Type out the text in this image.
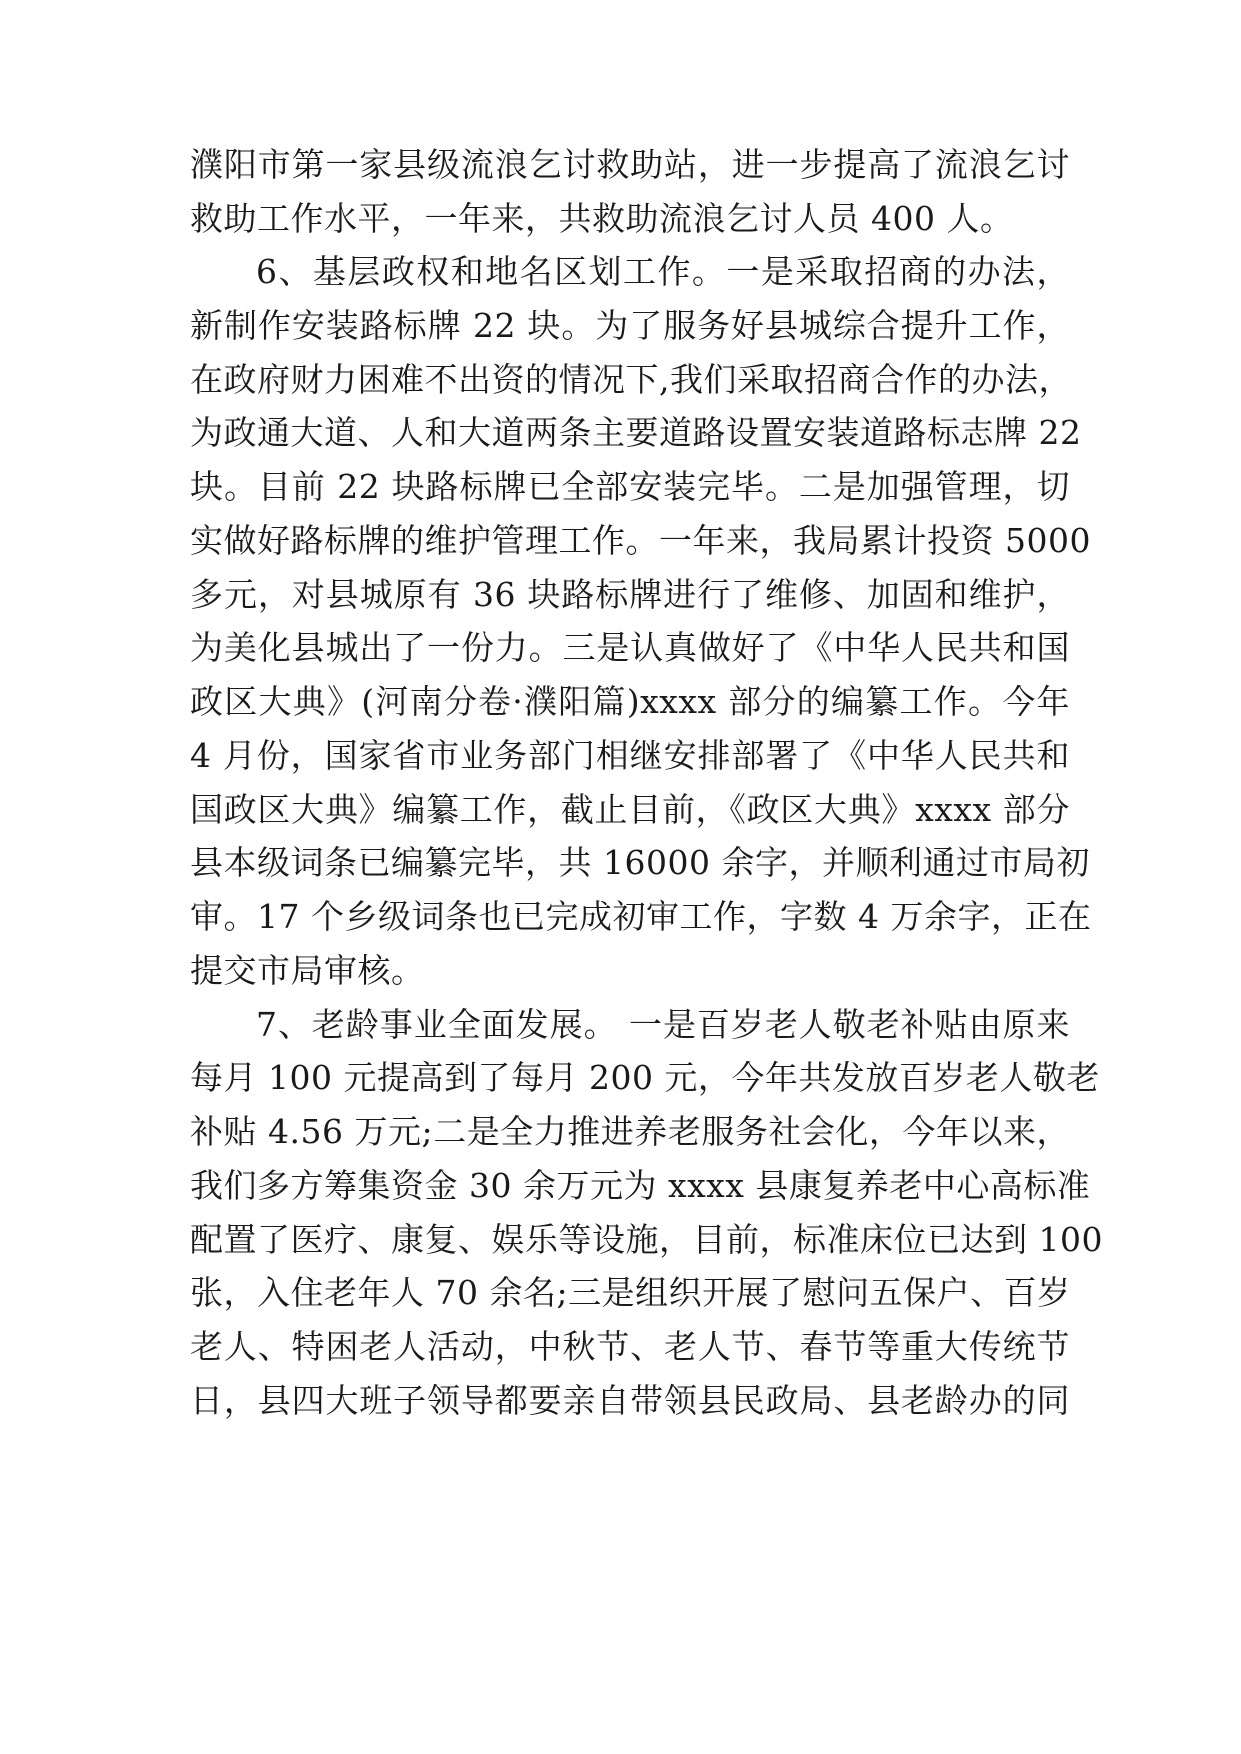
濮阳市第一家县级流浪乞讨救助站，进一步提高了流浪乞讨
救助工作水平，一年来，共救助流浪乞讨人员 400 人。
6、基层政权和地名区划工作。一是采取招商的办法，
新制作安装路标牌 22 块。为了服务好县城综合提升工作，
在政府财力困难不出资的情况下,我们采取招商合作的办法，
为政通大道、人和大道两条主要道路设置安装道路标志牌 22
块。目前 22 块路标牌已全部安装完毕。二是加强管理，切
实做好路标牌的维护管理工作。一年来，我局累计投资 5000
多元，对县城原有 36 块路标牌进行了维修、加固和维护，
为美化县城出了一份力。三是认真做好了《中华人民共和国
政区大典》(河南分卷·濮阳篇)xxxx 部分的编纂工作。今年
4 月份，国家省市业务部门相继安排部署了《中华人民共和
国政区大典》编纂工作，截止目前，《政区大典》xxxx 部分
县本级词条已编纂完毕，共 16000 余字，并顺利通过市局初
审。17 个乡级词条也已完成初审工作，字数 4 万余字，正在
提交市局审核。
7、老龄事业全面发展。 一是百岁老人敬老补贴由原来
每月 100 元提高到了每月 200 元，今年共发放百岁老人敬老
补贴 4.56 万元;二是全力推进养老服务社会化，今年以来，
我们多方筹集资金 30 余万元为 xxxx 县康复养老中心高标准
配置了医疗、康复、娱乐等设施，目前，标准床位已达到 100
张，入住老年人 70 余名;三是组织开展了慰问五保户、百岁
老人、特困老人活动，中秋节、老人节、春节等重大传统节
日，县四大班子领导都要亲自带领县民政局、县老龄办的同
